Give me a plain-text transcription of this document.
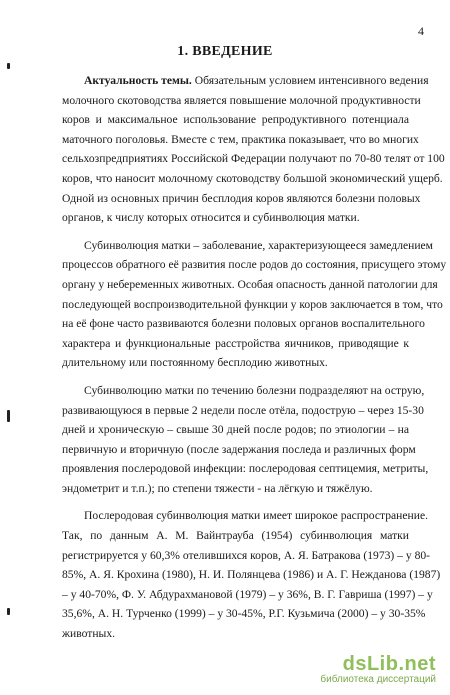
4
1. ВВЕДЕНИЕ
Актуальность темы. Обязательным условием интенсивного ведения
молочного скотоводства является повышение молочной продуктивности
коров и максимальное использование репродуктивного потенциала
маточного поголовья. Вместе с тем, практика показывает, что во многих
сельхозпредприятиях Российской Федерации получают по 70-80 телят от 100
коров, что наносит молочному скотоводству большой экономический ущерб.
Одной из основных причин бесплодия коров являются болезни половых
органов, к числу которых относится и субинволюция матки.
Субинволюция матки – заболевание, характеризующееся замедлением
процессов обратного её развития после родов до состояния, присущего этому
органу у небеременных животных. Особая опасность данной патологии для
последующей воспроизводительной функции у коров заключается в том, что
на её фоне часто развиваются болезни половых органов воспалительного
характера и функциональные расстройства яичников, приводящие к
длительному или постоянному бесплодию животных.
Субинволюцию матки по течению болезни подразделяют на острую,
развивающуюся в первые 2 недели после отёла, подострую – через 15-30
дней и хроническую – свыше 30 дней после родов; по этиологии – на
первичную и вторичную (после задержания последа и различных форм
проявления послеродовой инфекции: послеродовая септицемия, метриты,
эндометрит и т.п.); по степени тяжести - на лёгкую и тяжёлую.
Послеродовая субинволюция матки имеет широкое распространение.
Так, по данным А. М. Вайнтрауба (1954) субинволюция матки
регистрируется у 60,3% отелившихся коров, А. Я. Батракова (1973) – у 80-
85%, А. Я. Крохина (1980), Н. И. Полянцева (1986) и А. Г. Нежданова (1987)
– у 40-70%, Ф. У. Абдурахмановой (1979) – у 36%, В. Г. Гавриша (1997) – у
35,6%, А. Н. Турченко (1999) – у 30-45%, Р.Г. Кузьмича (2000) – у 30-35%
животных.
dsLib.net
библиотека диссертаций
